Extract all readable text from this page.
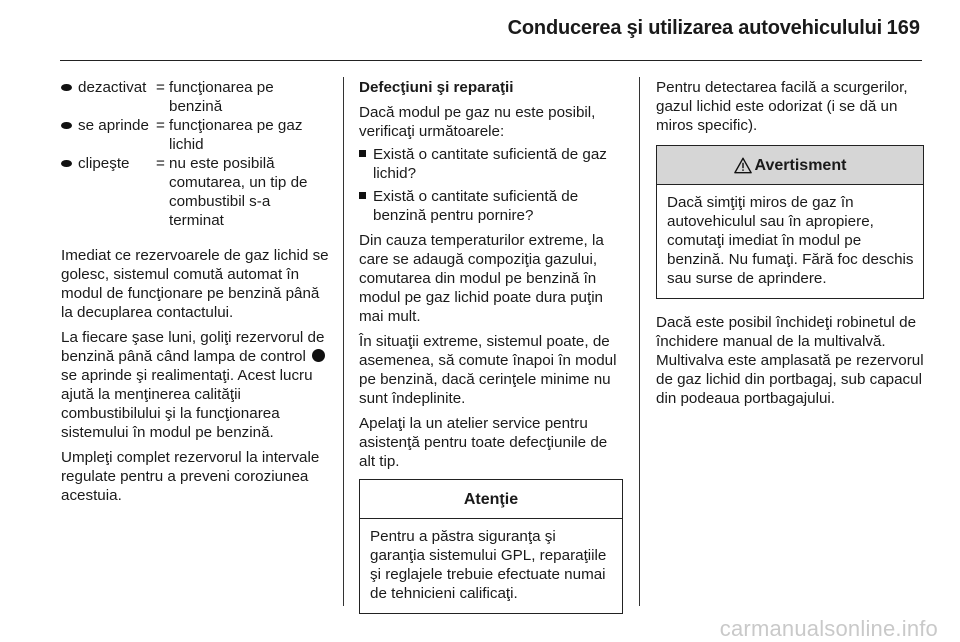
Conducerea şi utilizarea autovehiculului 169
dezactivat = funcţionarea pe benzină
se aprinde = funcţionarea pe gaz lichid
clipeşte	= nu este posibilă comutarea, un tip de combustibil s-a terminat

Imediat ce rezervoarele de gaz lichid se golesc, sistemul comută automat în modul de funcţionare pe benzină până la decuplarea contactului.

La fiecare şase luni, goliţi rezervorul de benzină până când lampa de control  se aprinde şi realimentaţi. Acest lucru ajută la menţinerea calităţii combustibilului şi la funcţionarea sistemului în modul pe benzină.

Umpleţi complet rezervorul la intervale regulate pentru a preveni coroziunea acestuia.

Defecţiuni şi reparaţii

Dacă modul pe gaz nu este posibil, verificaţi următoarele:

Există o cantitate suficientă de gaz lichid?
Există o cantitate suficientă de benzină pentru pornire?

Din cauza temperaturilor extreme, la care se adaugă compoziţia gazului, comutarea din modul pe benzină în modul pe gaz lichid poate dura puţin mai mult.

În situaţii extreme, sistemul poate, de asemenea, să comute înapoi în modul pe benzină, dacă cerinţele minime nu sunt îndeplinite.

Apelaţi la un atelier service pentru asistenţă pentru toate defecţiunile de alt tip.

Atenţie
Pentru a păstra siguranţa şi garanţia sistemului GPL, reparaţiile şi reglajele trebuie efectuate numai de tehnicieni calificaţi.

Pentru detectarea facilă a scurgerilor, gazul lichid este odorizat (i se dă un miros specific).

Avertisment
Dacă simţiţi miros de gaz în autovehiculul sau în apropiere, comutaţi imediat în modul pe benzină. Nu fumaţi. Fără foc deschis sau surse de aprindere.

Dacă este posibil închideţi robinetul de închidere manual de la multivalvă. Multivalva este amplasată pe rezervorul de gaz lichid din portbagaj, sub capacul din podeaua portbagajului.

carmanualsonline.info
